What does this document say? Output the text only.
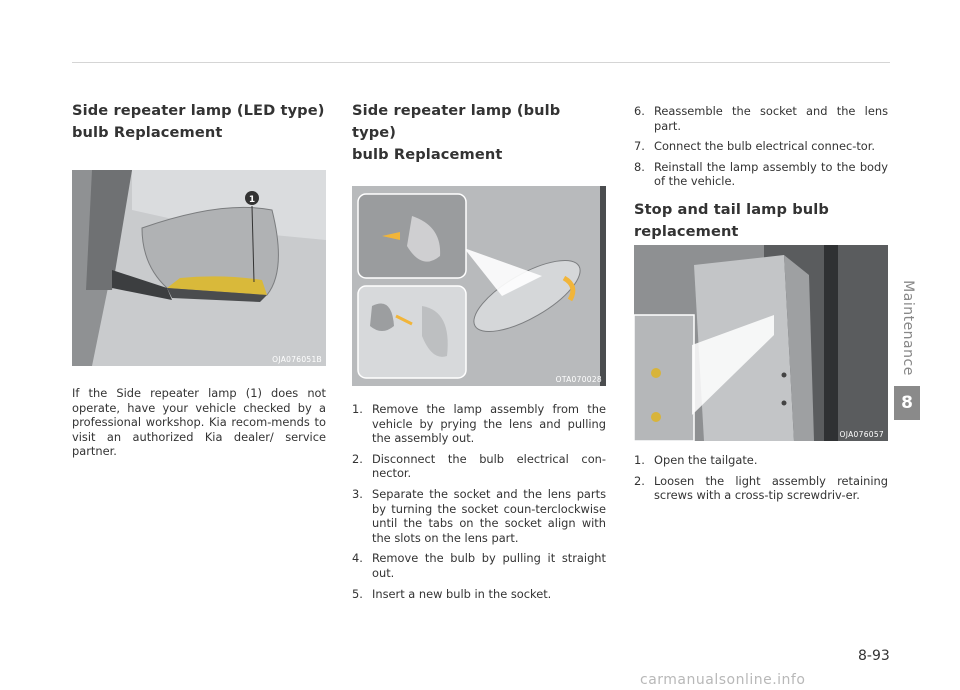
Side repeater lamp (LED type)
bulb Replacement
1
OJA076051B
If the Side repeater lamp (1) does not operate, have your vehicle checked by a professional workshop. Kia recom-mends to visit an authorized Kia dealer/ service partner.
Side repeater lamp (bulb type)
bulb Replacement
OTA070028
1. Remove the lamp assembly from the vehicle by prying the lens and pulling the assembly out.
2. Disconnect the bulb electrical con-nector.
3. Separate the socket and the lens parts by turning the socket coun-terclockwise until the tabs on the socket align with the slots on the lens part.
4. Remove the bulb by pulling it straight out.
5. Insert a new bulb in the socket.
6. Reassemble the socket and the lens part.
7. Connect the bulb electrical connec-tor.
8. Reinstall the lamp assembly to the body of the vehicle.
Stop and tail lamp bulb
replacement
OJA076057
1. Open the tailgate.
2. Loosen the light assembly retaining screws with a cross-tip screwdriv-er.
Maintenance
8
8-93
carmanualsonline.info
